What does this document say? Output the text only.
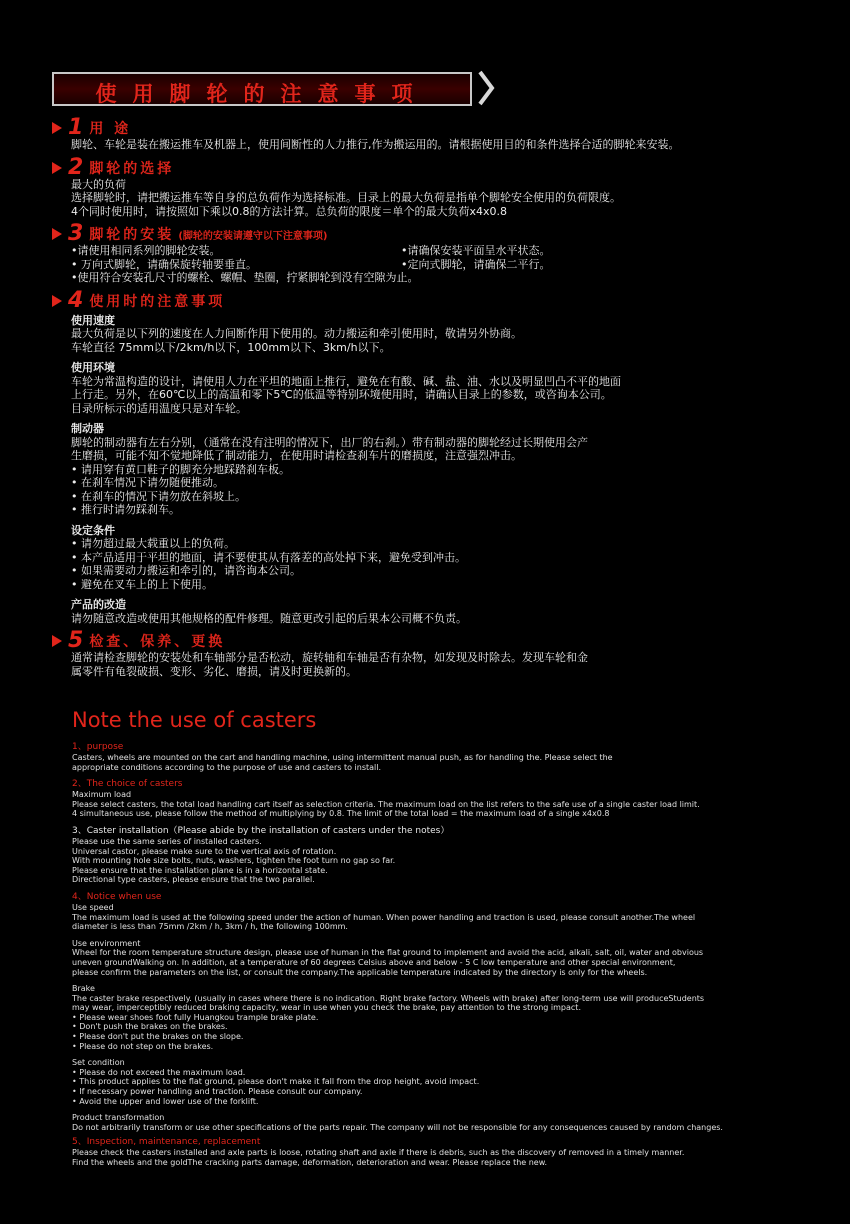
使用脚轮的注意事项
1 用 途
脚轮、车轮是装在搬运推车及机器上，使用间断性的人力推行,作为搬运用的。请根据使用目的和条件选择合适的脚轮来安装。
2 脚轮的选择
最大的负荷
选择脚轮时，请把搬运推车等自身的总负荷作为选择标准。目录上的最大负荷是指单个脚轮安全使用的负荷限度。
4个同时使用时，请按照如下乘以0.8的方法计算。总负荷的限度＝单个的最大负荷x4x0.8
3 脚轮的安装 (脚轮的安装请遵守以下注意事项)
•请使用相同系列的脚轮安装。	•请确保安装平面呈水平状态。
• 万向式脚轮，请确保旋转轴要垂直。	•定向式脚轮，请确保二平行。
•使用符合安装孔尺寸的螺栓、螺帽、垫圈，拧紧脚轮到没有空隙为止。
4 使用时的注意事项
使用速度
最大负荷是以下列的速度在人力间断作用下使用的。动力搬运和牵引使用时，敬请另外协商。
车轮直径 75mm以下/2km/h以下，100mm以下、3km/h以下。
使用环境
车轮为常温构造的设计，请使用人力在平坦的地面上推行，避免在有酸、碱、盐、油、水以及明显凹凸不平的地面
上行走。另外，在60℃以上的高温和零下5℃的低温等特别环境使用时，请确认目录上的参数，或咨询本公司。
目录所标示的适用温度只是对车轮。
制动器
脚轮的制动器有左右分别，（通常在没有注明的情况下，出厂的右刹。）带有制动器的脚轮经过长期使用会产
生磨损，可能不知不觉地降低了制动能力，在使用时请检查刹车片的磨损度，注意强烈冲击。
• 请用穿有黄口鞋子的脚充分地踩踏刹车板。
• 在刹车情况下请勿随便推动。
• 在刹车的情况下请勿放在斜坡上。
• 推行时请勿踩刹车。
设定条件
• 请勿超过最大载重以上的负荷。
• 本产品适用于平坦的地面，请不要使其从有落差的高处掉下来，避免受到冲击。
• 如果需要动力搬运和牵引的，请咨询本公司。
• 避免在叉车上的上下使用。
产品的改造
请勿随意改造或使用其他规格的配件修理。随意更改引起的后果本公司概不负责。
5 检查、保养、更换
通常请检查脚轮的安装处和车轴部分是否松动，旋转轴和车轴是否有杂物，如发现及时除去。发现车轮和金
属零件有龟裂破损、变形、劣化、磨损，请及时更换新的。
Note the use of casters
1、purpose
Casters, wheels are mounted on the cart and handling machine, using intermittent manual push, as for handling the. Please select the
appropriate conditions according to the purpose of use and casters to install.
2、The choice of casters
Maximum load
Please select casters, the total load handling cart itself as selection criteria. The maximum load on the list refers to the safe use of a single caster load limit.
4 simultaneous use, please follow the method of multiplying by 0.8. The limit of the total load = the maximum load of a single x4x0.8
3、Caster installation（Please abide by the installation of casters under the notes）
Please use the same series of installed casters.
Universal castor, please make sure to the vertical axis of rotation.
With mounting hole size bolts, nuts, washers, tighten the foot turn no gap so far.
Please ensure that the installation plane is in a horizontal state.
Directional type casters, please ensure that the two parallel.
4、Notice when use
Use speed
The maximum load is used at the following speed under the action of human. When power handling and traction is used, please consult another.The wheel
diameter is less than 75mm /2km / h, 3km / h, the following 100mm.
Use environment
Wheel for the room temperature structure design, please use of human in the flat ground to implement and avoid the acid, alkali, salt, oil, water and obvious
uneven groundWalking on. In addition, at a temperature of 60 degrees Celsius above and below - 5 C low temperature and other special environment,
please confirm the parameters on the list, or consult the company.The applicable temperature indicated by the directory is only for the wheels.
Brake
The caster brake respectively. (usually in cases where there is no indication. Right brake factory. Wheels with brake) after long-term use will produceStudents
may wear, imperceptibly reduced braking capacity, wear in use when you check the brake, pay attention to the strong impact.
• Please wear shoes foot fully Huangkou trample brake plate.
• Don't push the brakes on the brakes.
• Please don't put the brakes on the slope.
• Please do not step on the brakes.
Set condition
• Please do not exceed the maximum load.
• This product applies to the flat ground, please don't make it fall from the drop height, avoid impact.
• If necessary power handling and traction. Please consult our company.
• Avoid the upper and lower use of the forklift.
Product transformation
Do not arbitrarily transform or use other specifications of the parts repair. The company will not be responsible for any consequences caused by random changes.
5、Inspection, maintenance, replacement
Please check the casters installed and axle parts is loose, rotating shaft and axle if there is debris, such as the discovery of removed in a timely manner.
Find the wheels and the goldThe cracking parts damage, deformation, deterioration and wear. Please replace the new.
